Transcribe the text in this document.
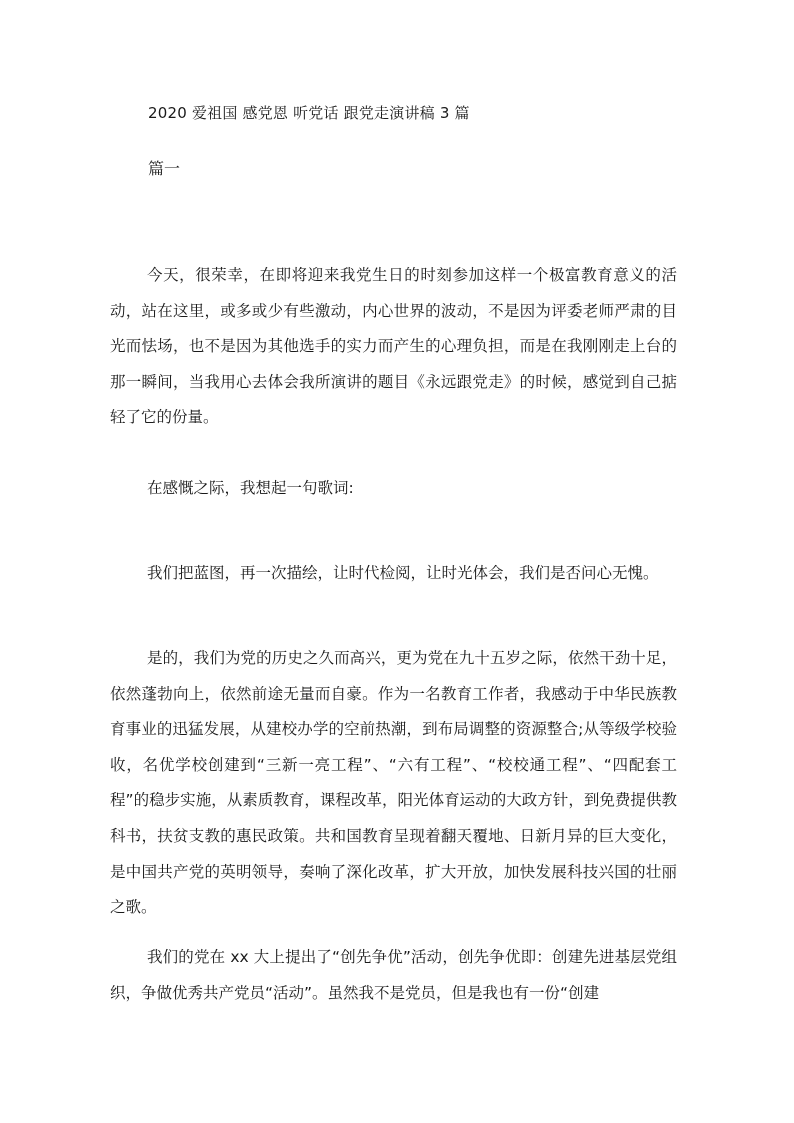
2020 爱祖国 感党恩 听党话 跟党走演讲稿 3 篇
篇一

今天，很荣幸，在即将迎来我党生日的时刻参加这样一个极富教育意义的活动，站在这里，或多或少有些激动，内心世界的波动，不是因为评委老师严肃的目光而怯场，也不是因为其他选手的实力而产生的心理负担，而是在我刚刚走上台的那一瞬间，当我用心去体会我所演讲的题目《永远跟党走》的时候，感觉到自己掂轻了它的份量。

在感慨之际，我想起一句歌词:

我们把蓝图，再一次描绘，让时代检阅，让时光体会，我们是否问心无愧。

是的，我们为党的历史之久而高兴，更为党在九十五岁之际，依然干劲十足，依然蓬勃向上，依然前途无量而自豪。作为一名教育工作者，我感动于中华民族教育事业的迅猛发展，从建校办学的空前热潮，到布局调整的资源整合;从等级学校验收，名优学校创建到“三新一亮工程”、“六有工程”、“校校通工程”、“四配套工程”的稳步实施，从素质教育，课程改革，阳光体育运动的大政方针，到免费提供教科书，扶贫支教的惠民政策。共和国教育呈现着翻天覆地、日新月异的巨大变化，是中国共产党的英明领导，奏响了深化改革，扩大开放，加快发展科技兴国的壮丽之歌。

我们的党在 xx 大上提出了“创先争优”活动，创先争优即：创建先进基层党组织，争做优秀共产党员“活动”。虽然我不是党员，但是我也有一份“创建
